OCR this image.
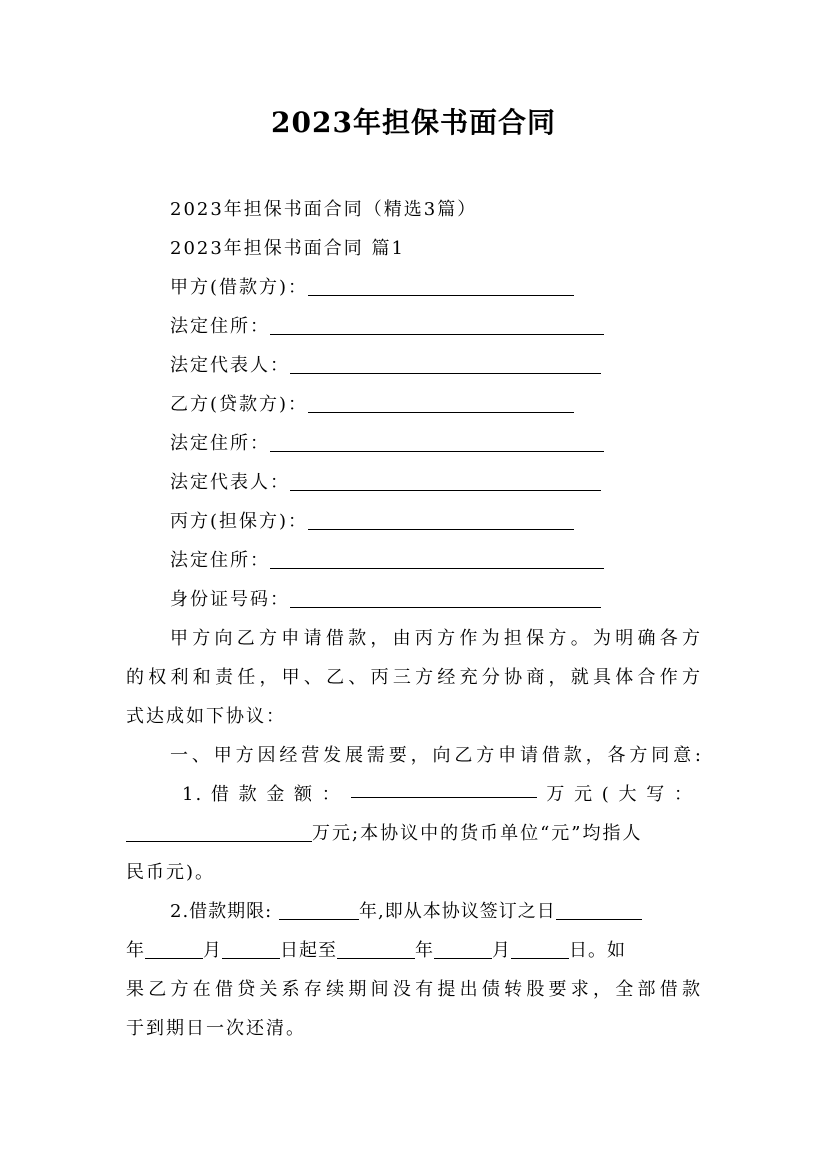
2023年担保书面合同
2023年担保书面合同（精选3篇）
2023年担保书面合同 篇1
甲方(借款方)：
法定住所：
法定代表人：
乙方(贷款方)：
法定住所：
法定代表人：
丙方(担保方)：
法定住所：
身份证号码：
甲方向乙方申请借款，由丙方作为担保方。为明确各方
的权利和责任，甲、乙、丙三方经充分协商，就具体合作方
式达成如下协议：
一、甲方因经营发展需要，向乙方申请借款，各方同意:
1. 借 款 金 额 ：	万 元 ( 大 写 ：
万元;本协议中的货币单位“元”均指人
民币元)。
2.借款期限:	年,即从本协议签订之日
年	月	日起至	年	月	日。如
果乙方在借贷关系存续期间没有提出债转股要求，全部借款
于到期日一次还清。
